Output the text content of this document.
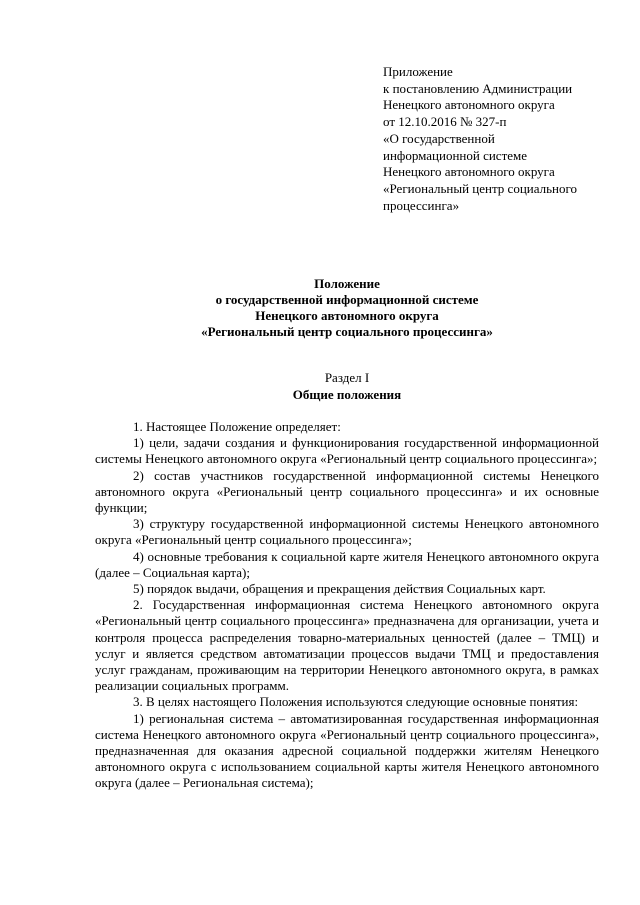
Приложение
к постановлению Администрации
Ненецкого автономного округа
от 12.10.2016 № 327-п
«О государственной
информационной системе
Ненецкого автономного округа
«Региональный центр социального
процессинга»
Положение
о государственной информационной системе
Ненецкого автономного округа
«Региональный центр социального процессинга»
Раздел I
Общие положения

1. Настоящее Положение определяет:

1) цели, задачи создания и функционирования государственной информационной системы Ненецкого автономного округа «Региональный центр социального процессинга»;

2) состав участников государственной информационной системы Ненецкого автономного округа «Региональный центр социального процессинга» и их основные функции;

3) структуру государственной информационной системы Ненецкого автономного округа «Региональный центр социального процессинга»;

4) основные требования к социальной карте жителя Ненецкого автономного округа (далее – Социальная карта);

5) порядок выдачи, обращения и прекращения действия Социальных карт.

2. Государственная информационная система Ненецкого автономного округа «Региональный центр социального процессинга» предназначена для организации, учета и контроля процесса распределения товарно-материальных ценностей (далее – ТМЦ) и услуг и является средством автоматизации процессов выдачи ТМЦ и предоставления услуг гражданам, проживающим на территории Ненецкого автономного округа, в рамках реализации социальных программ.

3. В целях настоящего Положения используются следующие основные понятия:

1) региональная система – автоматизированная государственная информационная система Ненецкого автономного округа «Региональный центр социального процессинга», предназначенная для оказания адресной социальной поддержки жителям Ненецкого автономного округа с использованием социальной карты жителя Ненецкого автономного округа (далее – Региональная система);
